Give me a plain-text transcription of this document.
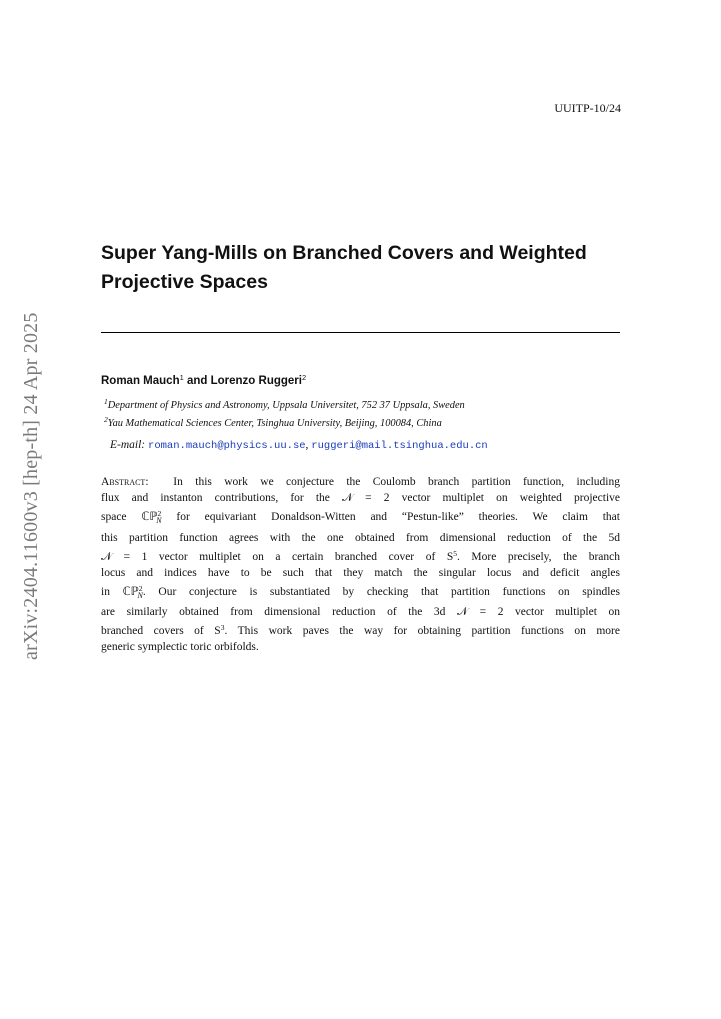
UUITP-10/24
arXiv:2404.11600v3 [hep-th] 24 Apr 2025
Super Yang-Mills on Branched Covers and Weighted
Projective Spaces
Roman Mauch$^1$ and Lorenzo Ruggeri$^2$
$^1$Department of Physics and Astronomy, Uppsala Universitet, 752 37 Uppsala, Sweden
$^2$Yau Mathematical Sciences Center, Tsinghua University, Beijing, 100084, China
E-mail: roman.mauch@physics.uu.se, ruggeri@mail.tsinghua.edu.cn
Abstract: In this work we conjecture the Coulomb branch partition function, including
flux and instanton contributions, for the 𝒩 = 2 vector multiplet on weighted projective
space ℂℙ$^2_N$ for equivariant Donaldson-Witten and “Pestun-like” theories. We claim that
this partition function agrees with the one obtained from dimensional reduction of the 5d
𝒩 = 1 vector multiplet on a certain branched cover of $S^5$. More precisely, the branch
locus and indices have to be such that they match the singular locus and deficit angles
in ℂℙ$^2_N$. Our conjecture is substantiated by checking that partition functions on spindles
are similarly obtained from dimensional reduction of the 3d 𝒩 = 2 vector multiplet on
branched covers of $S^3$. This work paves the way for obtaining partition functions on more
generic symplectic toric orbifolds.
